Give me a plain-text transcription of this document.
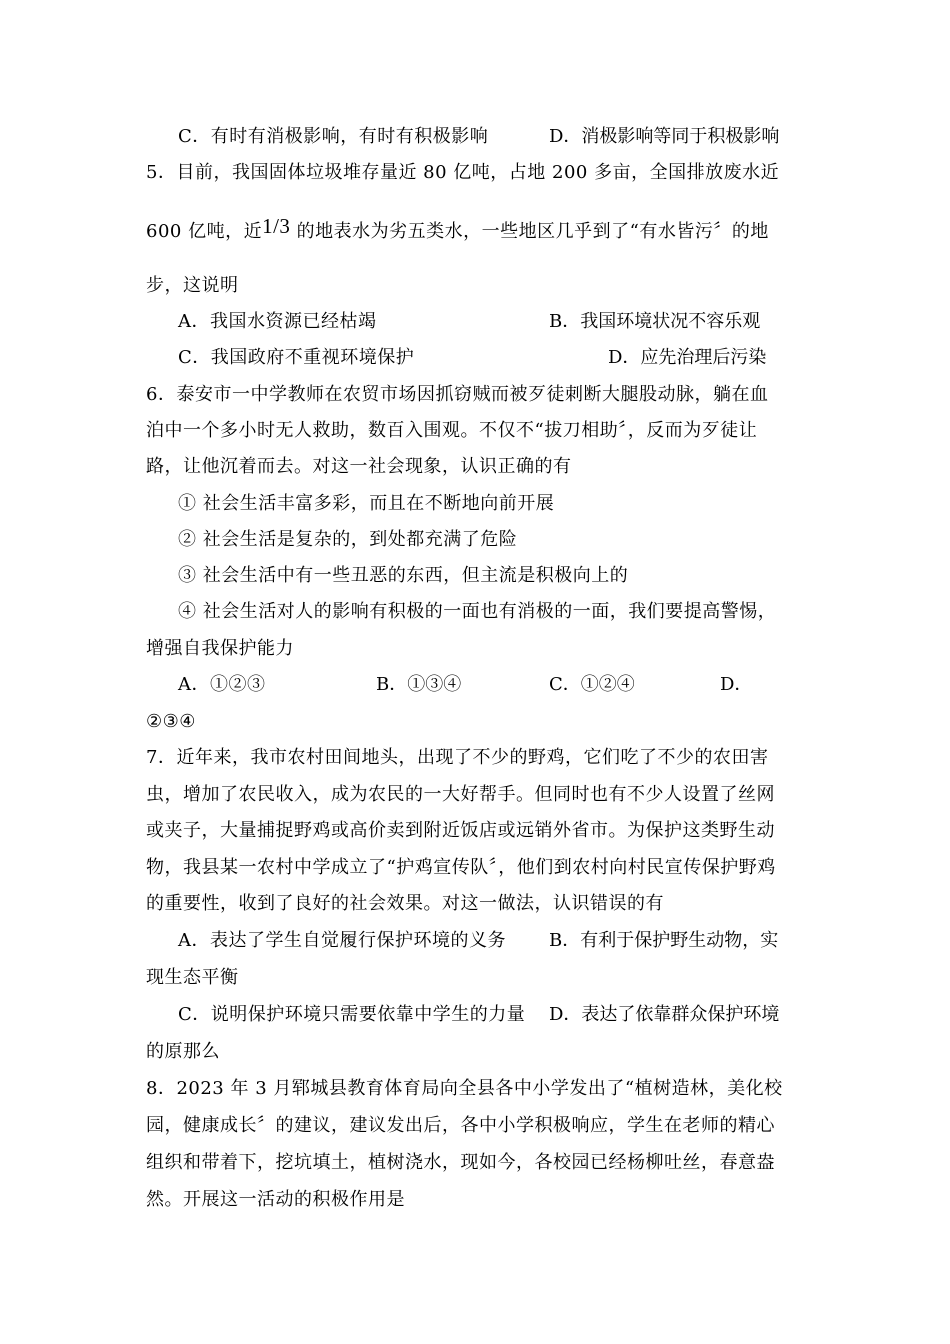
C．有时有消极影响，有时有积极影响	D．消极影响等同于积极影响
5．目前，我国固体垃圾堆存量近 80 亿吨，占地 200 多亩，全国排放废水近
600 亿吨，近1/3 的地表水为劣五类水，一些地区几乎到了“有水皆污〞的地
步，这说明
A．我国水资源已经枯竭	B．我国环境状况不容乐观
C．我国政府不重视环境保护	D．应先治理后污染
6．泰安市一中学教师在农贸市场因抓窃贼而被歹徒刺断大腿股动脉，躺在血
泊中一个多小时无人救助，数百入围观。不仅不“拔刀相助〞，反而为歹徒让
路，让他沉着而去。对这一社会现象，认识正确的有
① 社会生活丰富多彩，而且在不断地向前开展
② 社会生活是复杂的，到处都充满了危险
③ 社会生活中有一些丑恶的东西，但主流是积极向上的
④ 社会生活对人的影响有积极的一面也有消极的一面，我们要提高警惕，
增强自我保护能力
A．①②③	B．①③④	C．①②④	D．
②③④
7．近年来，我市农村田间地头，出现了不少的野鸡，它们吃了不少的农田害
虫，增加了农民收入，成为农民的一大好帮手。但同时也有不少人设置了丝网
或夹子，大量捕捉野鸡或高价卖到附近饭店或远销外省市。为保护这类野生动
物，我县某一农村中学成立了“护鸡宣传队〞，他们到农村向村民宣传保护野鸡
的重要性，收到了良好的社会效果。对这一做法，认识错误的有
A．表达了学生自觉履行保护环境的义务 B．有利于保护野生动物，实
现生态平衡
C．说明保护环境只需要依靠中学生的力量 D．表达了依靠群众保护环境
的原那么
8．2023 年 3 月郓城县教育体育局向全县各中小学发出了“植树造林，美化校
园，健康成长〞的建议，建议发出后，各中小学积极响应，学生在老师的精心
组织和带着下，挖坑填土，植树浇水，现如今，各校园已经杨柳吐丝，春意盎
然。开展这一活动的积极作用是
